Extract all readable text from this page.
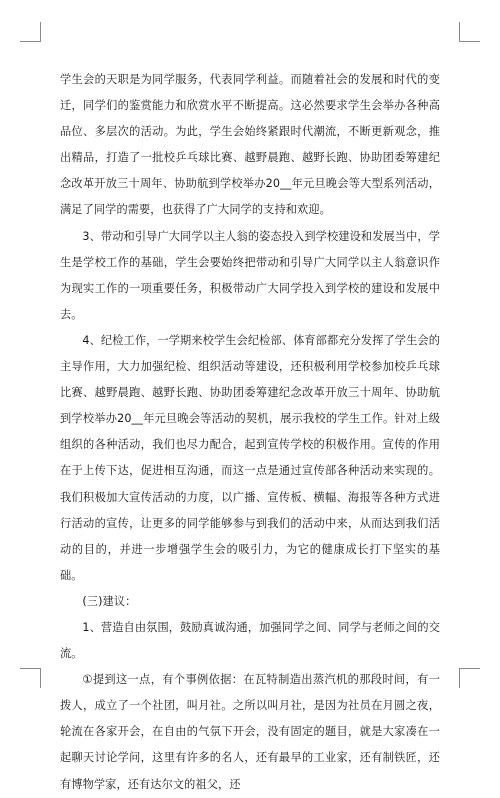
学生会的天职是为同学服务，代表同学利益。而随着社会的发展和时代的变迁，同学们的鉴赏能力和欣赏水平不断提高。这必然要求学生会举办各种高品位、多层次的活动。为此，学生会始终紧跟时代潮流，不断更新观念，推出精品，打造了一批校乒乓球比赛、越野晨跑、越野长跑、协助团委筹建纪念改革开放三十周年、协助航到学校举办20__年元旦晚会等大型系列活动，满足了同学的需要，也获得了广大同学的支持和欢迎。

3、带动和引导广大同学以主人翁的姿态投入到学校建设和发展当中，学生是学校工作的基础，学生会要始终把带动和引导广大同学以主人翁意识作为现实工作的一项重要任务，积极带动广大同学投入到学校的建设和发展中去。

4、纪检工作，一学期来校学生会纪检部、体育部都充分发挥了学生会的主导作用，大力加强纪检、组织活动等建设，还积极利用学校参加校乒乓球比赛、越野晨跑、越野长跑、协助团委筹建纪念改革开放三十周年、协助航到学校举办20__年元旦晚会等活动的契机，展示我校的学生工作。针对上级组织的各种活动，我们也尽力配合，起到宣传学校的积极作用。宣传的作用在于上传下达，促进相互沟通，而这一点是通过宣传部各种活动来实现的。我们积极加大宣传活动的力度，以广播、宣传板、横幅、海报等各种方式进行活动的宣传，让更多的同学能够参与到我们的活动中来，从而达到我们活动的目的，并进一步增强学生会的吸引力，为它的健康成长打下坚实的基础。

(三)建议：

1、营造自由氛围，鼓励真诚沟通，加强同学之间、同学与老师之间的交流。

①提到这一点，有个事例依据：在瓦特制造出蒸汽机的那段时间，有一拨人，成立了一个社团，叫月社。之所以叫月社，是因为社员在月圆之夜，轮流在各家开会，在自由的气氛下开会，没有固定的题目，就是大家凑在一起聊天讨论学问，这里有许多的名人，还有最早的工业家，还有制铁匠，还有博物学家，还有达尔文的祖父，还
